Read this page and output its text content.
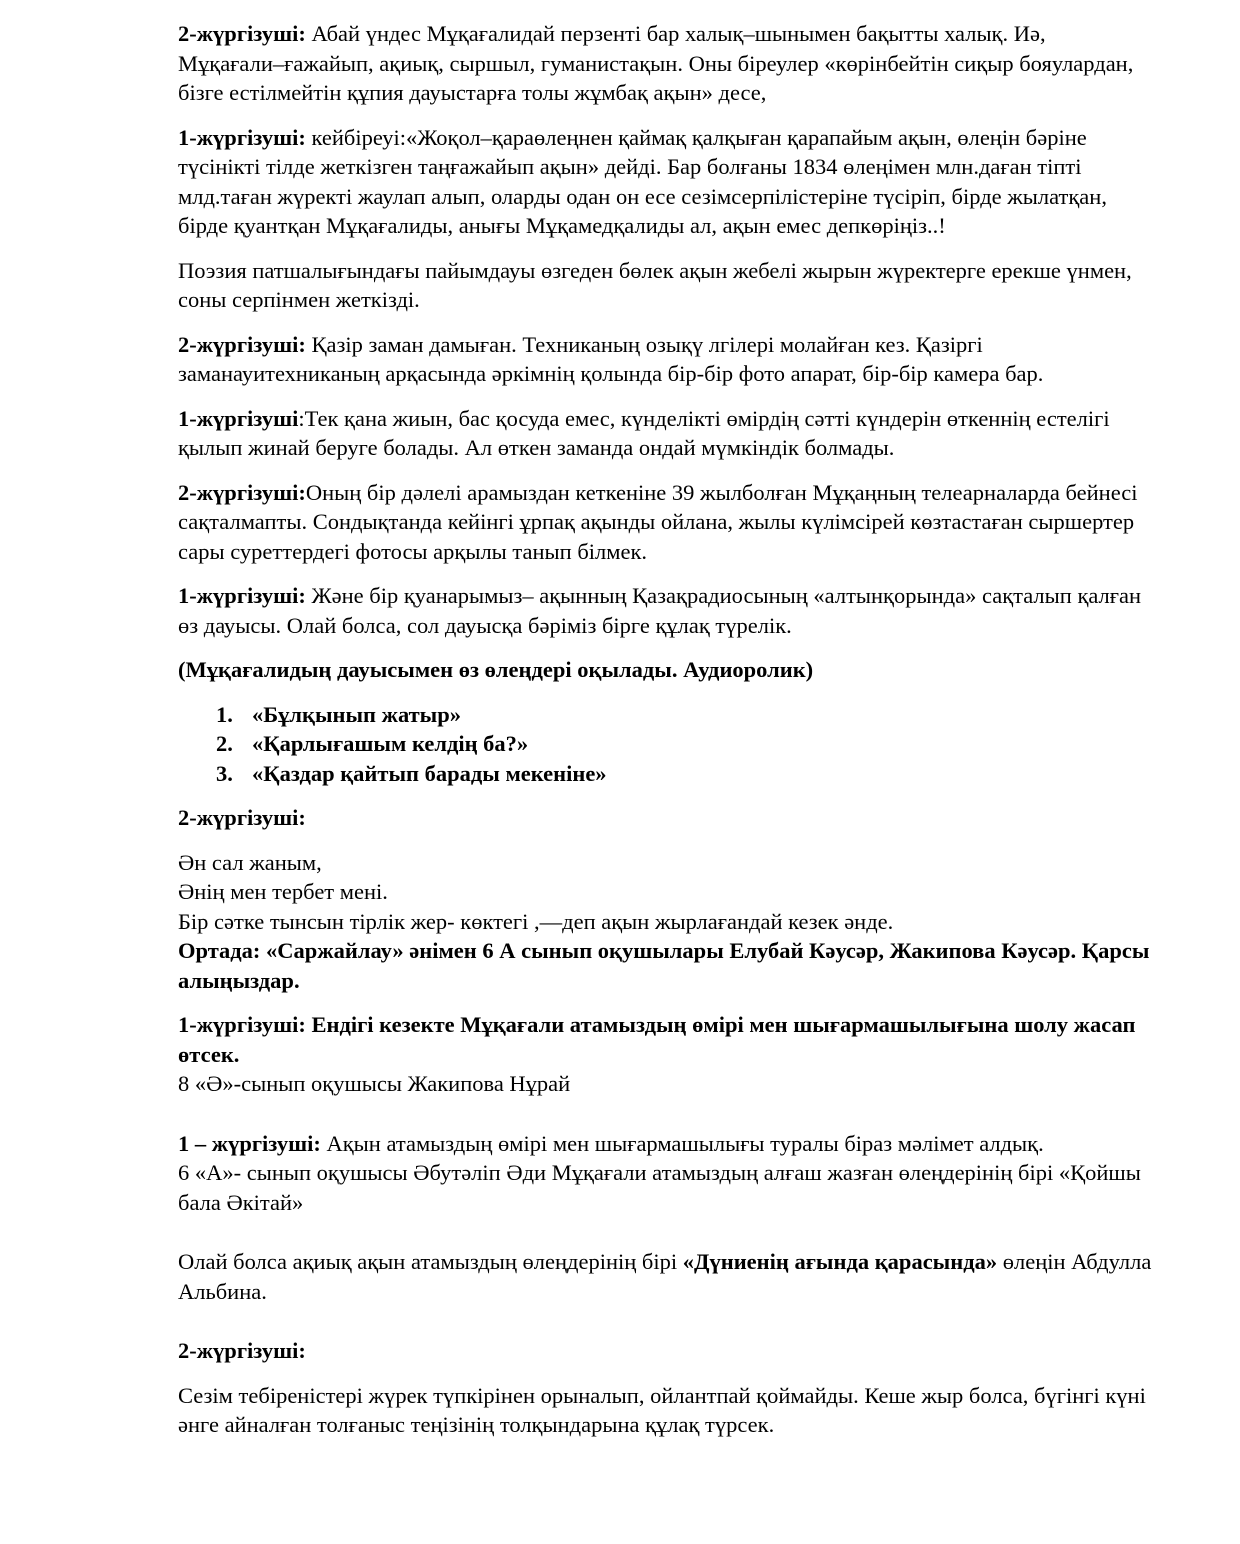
2-жүргізуші: Абай үндес Мұқағалидай перзенті бар халық–шынымен бақытты халық. Иә, Мұқағали–ғажайып, ақиық, сыршыл, гуманистақын. Оны біреулер «көрінбейтін сиқыр бояулардан, бізге естілмейтін құпия дауыстарға толы жұмбақ ақын» десе,

1-жүргізуші: кейбіреуі:«Жоқол–қараөлеңнен қаймақ қалқыған қарапайым ақын, өлеңін бәріне түсінікті тілде жеткізген таңғажайып ақын» дейді. Бар болғаны 1834 өлеңімен млн.даған тіпті млд.таған жүректі жаулап алып, оларды одан он есе сезімсерпілістеріне түсіріп, бірде жылатқан, бірде қуантқан Мұқағалиды, анығы Мұқамедқалиды ал, ақын емес депкөріңіз..!

Поэзия патшалығындағы пайымдауы өзгеден бөлек ақын жебелі жырын жүректерге ерекше үнмен, соны серпінмен жеткізді.

2-жүргізуші: Қазір заман дамыған. Техниканың озықү лгілері молайған кез. Қазіргі заманауитехниканың арқасында әркімнің қолында бір-бір фото апарат, бір-бір камера бар.

1-жүргізуші:Тек қана жиын, бас қосуда емес, күнделікті өмірдің сәтті күндерін өткеннің естелігі қылып жинай беруге болады. Ал өткен заманда ондай мүмкіндік болмады.

2-жүргізуші:Оның бір дәлелі арамыздан кеткеніне 39 жылболған Мұқаңның телеарналарда бейнесі сақталмапты. Сондықтанда кейінгі ұрпақ ақынды ойлана, жылы күлімсірей көзтастаған сыршертер сары суреттердегі фотосы арқылы танып білмек.

1-жүргізуші: Және бір қуанарымыз– ақынның Қазақрадиосының «алтынқорында» сақталып қалған өз дауысы. Олай болса, сол дауысқа бәріміз бірге құлақ түрелік.

(Мұқағалидың дауысымен өз өлеңдері оқылады. Аудиоролик)

1. «Бұлқынып жатыр»
2. «Қарлығашым келдің ба?»
3. «Қаздар қайтып барады мекеніне»

2-жүргізуші:

Ән сал жаным,
Әнің мен тербет мені.
Бір сәтке тынсын тірлік жер- көктегі ,—деп ақын жырлағандай кезек әнде.

Ортада: «Саржайлау» әнімен 6 А сынып оқушылары Елубай Кәусәр, Жакипова Кәусәр. Қарсы алыңыздар.

1-жүргізуші: Ендігі кезекте Мұқағали атамыздың өмірі мен шығармашылығына шолу жасап өтсек.

8 «Ә»-сынып оқушысы Жакипова Нұрай

1 – жүргізуші: Ақын атамыздың өмірі мен шығармашылығы туралы біраз мәлімет алдық.

6 «А»- сынып оқушысы Әбутәліп Әди Мұқағали атамыздың алғаш жазған өлеңдерінің бірі «Қойшы бала Әкітай»

Олай болса ақиық ақын атамыздың өлеңдерінің бірі «Дүниенің ағында қарасында» өлеңін Абдулла Альбина.

2-жүргізуші:

Сезім тебіреністері жүрек түпкірінен орыналып, ойлантпай қоймайды. Кеше жыр болса, бүгінгі күні әнге айналған толғаныс теңізінің толқындарына құлақ түрсек.
